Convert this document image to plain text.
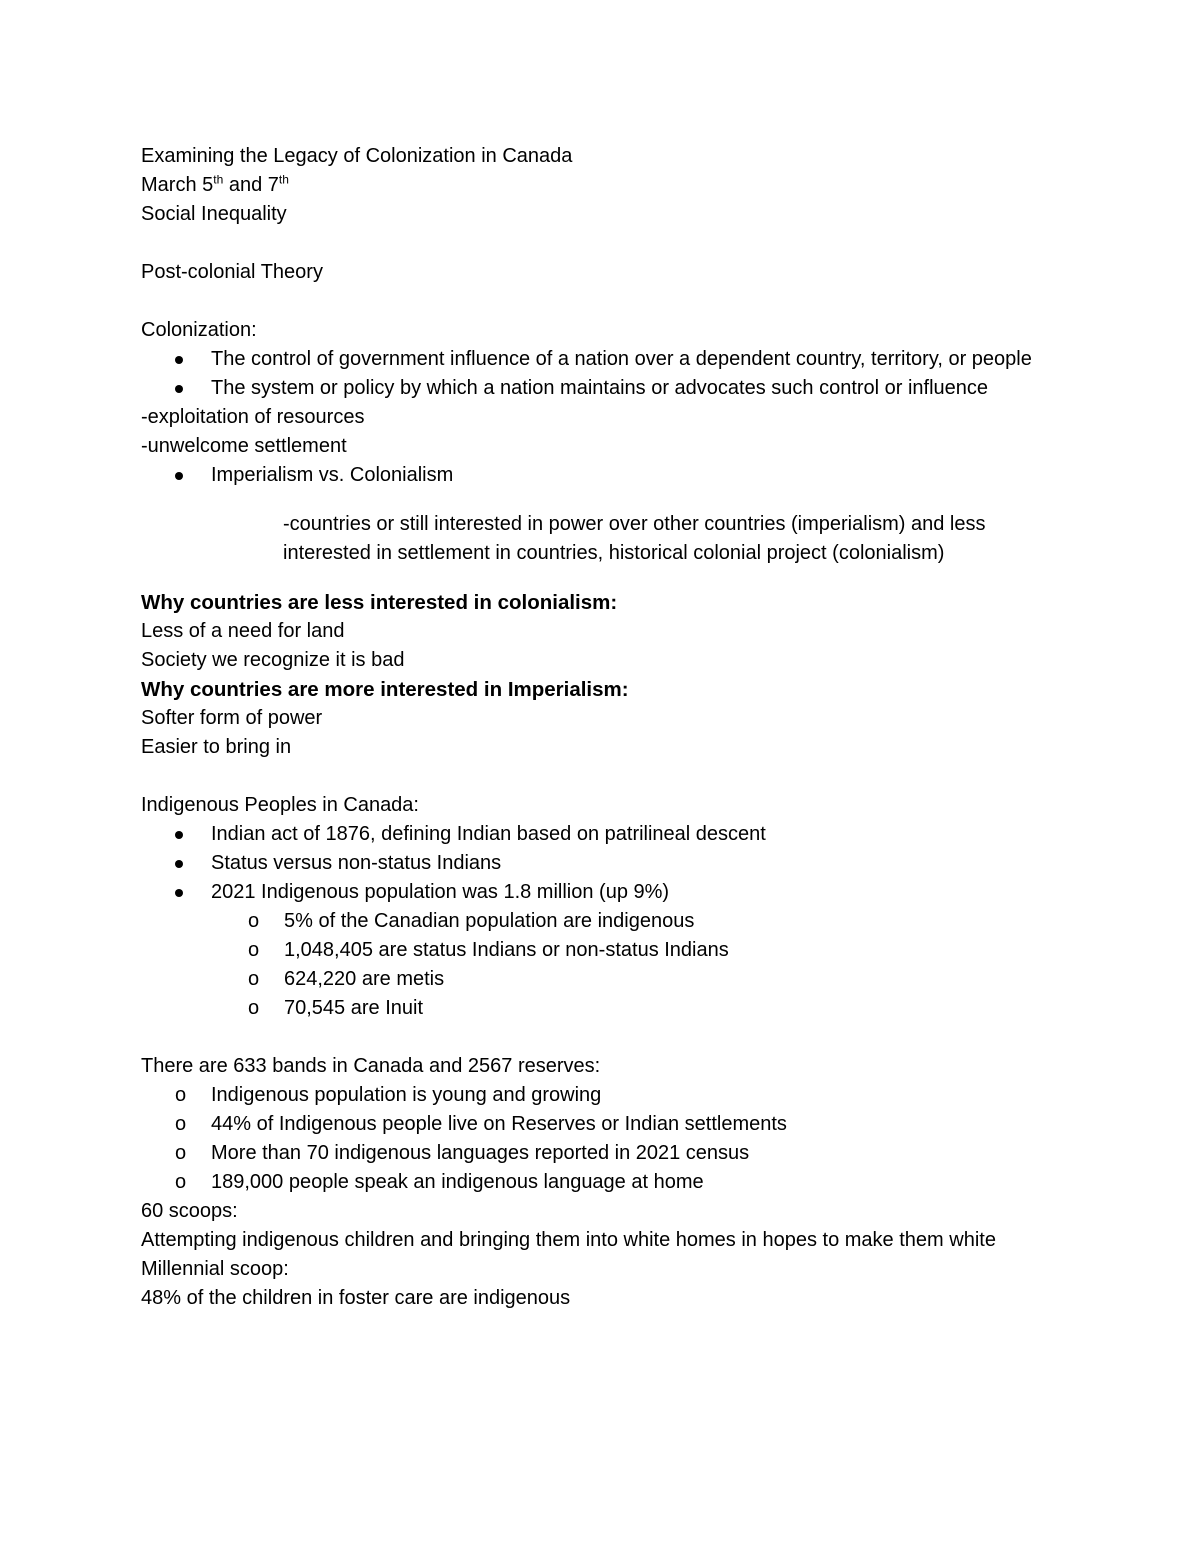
Examining the Legacy of Colonization in Canada

March 5th and 7th

Social Inequality

Post-colonial Theory

Colonization:

The control of government influence of a nation over a dependent country, territory, or people
The system or policy by which a nation maintains or advocates such control or influence

-exploitation of resources

-unwelcome settlement

Imperialism vs. Colonialism

-countries or still interested in power over other countries (imperialism) and less interested in settlement in countries, historical colonial project (colonialism)

Why countries are less interested in colonialism:

Less of a need for land

Society we recognize it is bad

Why countries are more interested in Imperialism:

Softer form of power

Easier to bring in

Indigenous Peoples in Canada:

Indian act of 1876, defining Indian based on patrilineal descent
Status versus non-status Indians
2021 Indigenous population was 1.8 million (up 9%)
o 5% of the Canadian population are indigenous
o 1,048,405 are status Indians or non-status Indians
o 624,220 are metis
o 70,545 are Inuit

There are 633 bands in Canada and 2567 reserves:

o Indigenous population is young and growing
o 44% of Indigenous people live on Reserves or Indian settlements
o More than 70 indigenous languages reported in 2021 census
o 189,000 people speak an indigenous language at home

60 scoops:

Attempting indigenous children and bringing them into white homes in hopes to make them white

Millennial scoop:

48% of the children in foster care are indigenous
